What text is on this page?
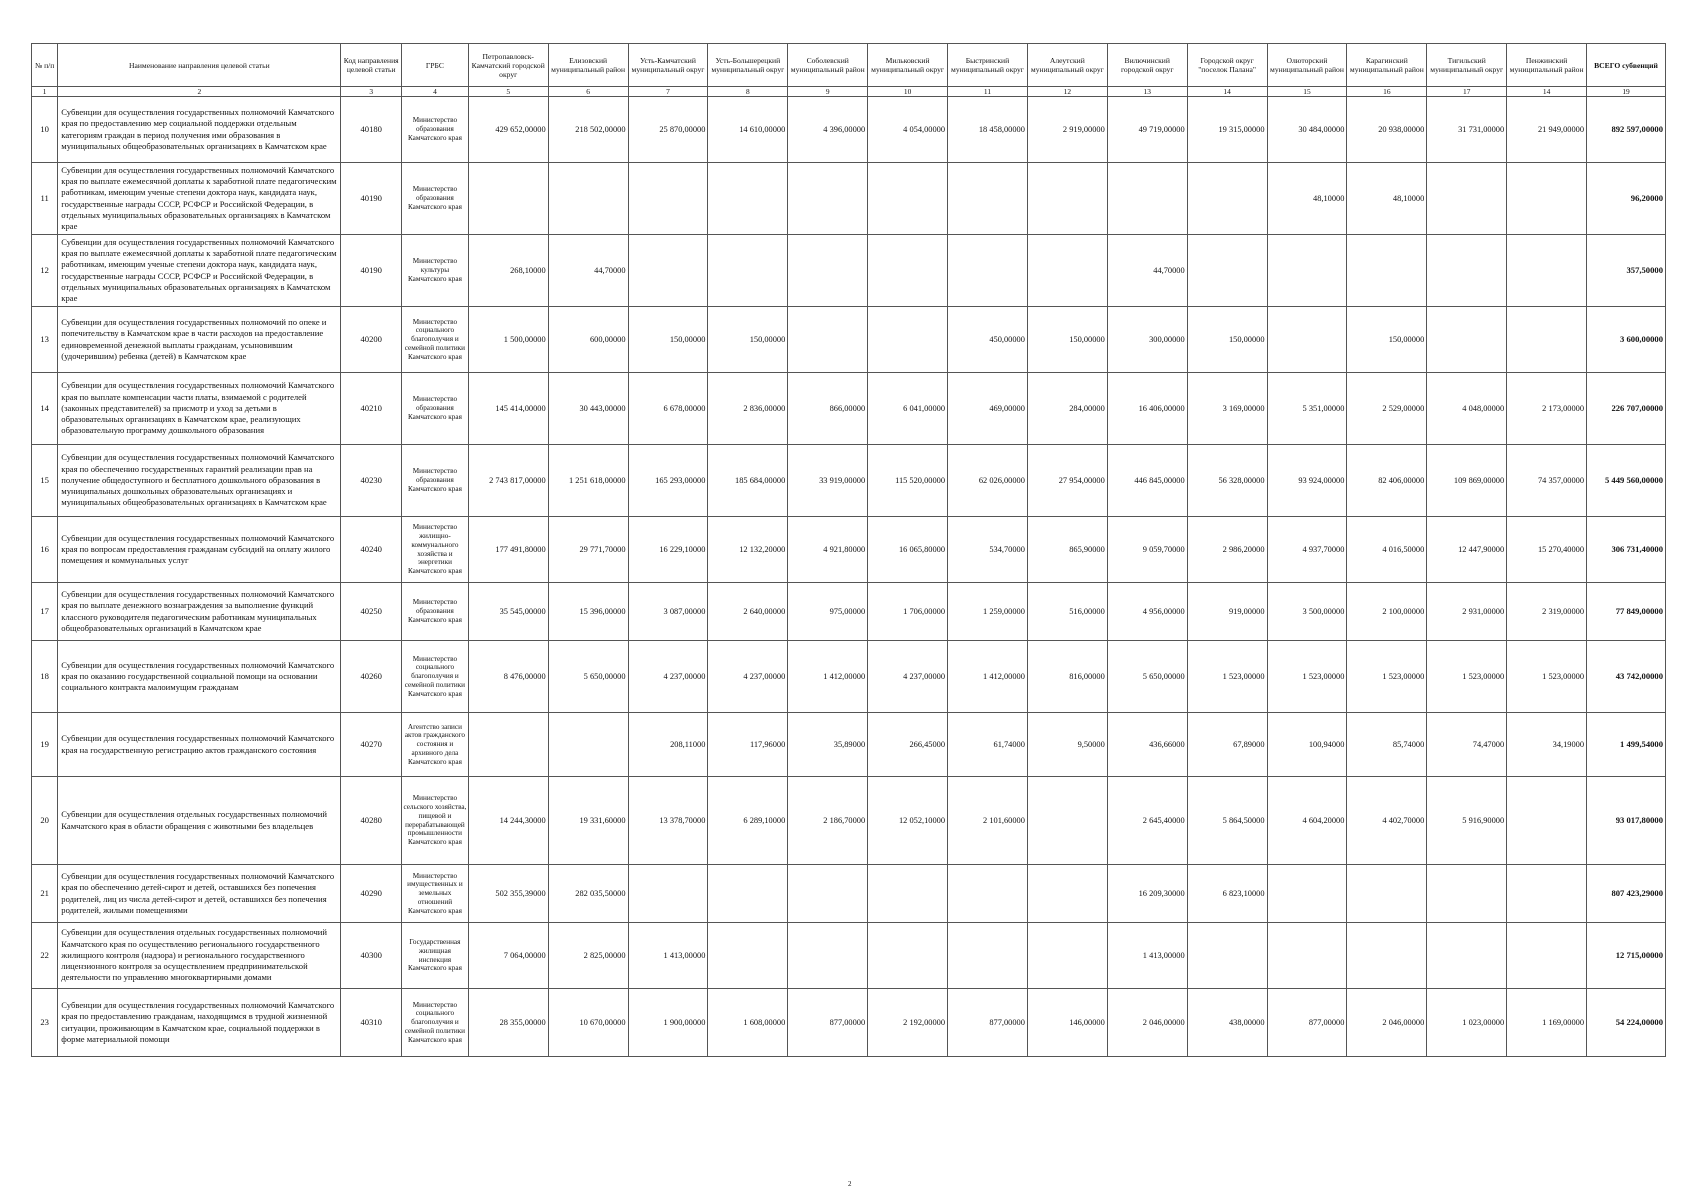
№ п/п	Наименование направления целевой статьи	Код направления целевой статьи	ГРБС	Петропавловск-Камчатский городской округ	Елизовский муниципальный район	Усть-Камчатский муниципальный округ	Усть-Большерецкий муниципальный округ	Соболевский муниципальный район	Мильковский муниципальный округ	Быстринский муниципальный округ	Алеутский муниципальный округ	Вилючинский городской округ	Городской округ "поселок Палана"	Олюторский муниципальный район	Карагинский муниципальный район	Тигильский муниципальный округ	Пенжинский муниципальный район	ВСЕГО субвенций
1	2	3	4	5	6	7	8	9	10	11	12	13	14	15	16	17	14	19
10	Субвенции для осуществления государственных полномочий Камчатского края по предоставлению мер социальной поддержки отдельным категориям граждан в период получения ими образования в муниципальных общеобразовательных организациях в Камчатском крае	40180	Министерство образования Камчатского края	429 652,00000	218 502,00000	25 870,00000	14 610,00000	4 396,00000	4 054,00000	18 458,00000	2 919,00000	49 719,00000	19 315,00000	30 484,00000	20 938,00000	31 731,00000	21 949,00000	892 597,00000
11	Субвенции для осуществления государственных полномочий Камчатского края по выплате ежемесячной доплаты к заработной плате педагогическим работникам, имеющим ученые степени доктора наук, кандидата наук, государственные награды СССР, РСФСР и Российской Федерации, в отдельных муниципальных образовательных организациях в Камчатском крае	40190	Министерство образования Камчатского края											48,10000	48,10000			96,20000
12	Субвенции для осуществления государственных полномочий Камчатского края по выплате ежемесячной доплаты к заработной плате педагогическим работникам, имеющим ученые степени доктора наук, кандидата наук, государственные награды СССР, РСФСР и Российской Федерации, в отдельных муниципальных образовательных организациях в Камчатском крае	40190	Министерство культуры Камчатского края	268,10000	44,70000							44,70000						357,50000
13	Субвенции для осуществления государственных полномочий по опеке и попечительству в Камчатском крае в части расходов на предоставление единовременной денежной выплаты гражданам, усыновившим (удочерившим) ребенка (детей) в Камчатском крае	40200	Министерство социального благополучия и семейной политики Камчатского края	1 500,00000	600,00000	150,00000	150,00000			450,00000	150,00000	300,00000	150,00000		150,00000			3 600,00000
14	Субвенции для осуществления государственных полномочий Камчатского края по выплате компенсации части платы, взимаемой с родителей (законных представителей) за присмотр и уход за детьми в образовательных организациях в Камчатском крае, реализующих образовательную программу дошкольного образования	40210	Министерство образования Камчатского края	145 414,00000	30 443,00000	6 678,00000	2 836,00000	866,00000	6 041,00000	469,00000	284,00000	16 406,00000	3 169,00000	5 351,00000	2 529,00000	4 048,00000	2 173,00000	226 707,00000
15	Субвенции для осуществления государственных полномочий Камчатского края по обеспечению государственных гарантий реализации прав на получение общедоступного и бесплатного дошкольного образования в муниципальных дошкольных образовательных организациях и муниципальных общеобразовательных организациях в Камчатском крае	40230	Министерство образования Камчатского края	2 743 817,00000	1 251 618,00000	165 293,00000	185 684,00000	33 919,00000	115 520,00000	62 026,00000	27 954,00000	446 845,00000	56 328,00000	93 924,00000	82 406,00000	109 869,00000	74 357,00000	5 449 560,00000
16	Субвенции для осуществления государственных полномочий Камчатского края по вопросам предоставления гражданам субсидий на оплату жилого помещения и коммунальных услуг	40240	Министерство жилищно-коммунального хозяйства и энергетики Камчатского края	177 491,80000	29 771,70000	16 229,10000	12 132,20000	4 921,80000	16 065,80000	534,70000	865,90000	9 059,70000	2 986,20000	4 937,70000	4 016,50000	12 447,90000	15 270,40000	306 731,40000
17	Субвенции для осуществления государственных полномочий Камчатского края по выплате денежного вознаграждения за выполнение функций классного руководителя педагогическим работникам муниципальных общеобразовательных организаций в Камчатском крае	40250	Министерство образования Камчатского края	35 545,00000	15 396,00000	3 087,00000	2 640,00000	975,00000	1 706,00000	1 259,00000	516,00000	4 956,00000	919,00000	3 500,00000	2 100,00000	2 931,00000	2 319,00000	77 849,00000
18	Субвенции для осуществления государственных полномочий Камчатского края по оказанию государственной социальной помощи на основании социального контракта малоимущим гражданам	40260	Министерство социального благополучия и семейной политики Камчатского края	8 476,00000	5 650,00000	4 237,00000	4 237,00000	1 412,00000	4 237,00000	1 412,00000	816,00000	5 650,00000	1 523,00000	1 523,00000	1 523,00000	1 523,00000	1 523,00000	43 742,00000
19	Субвенции для осуществления государственных полномочий Камчатского края на государственную регистрацию актов гражданского состояния	40270	Агентство записи актов гражданского состояния и архивного дела Камчатского края			208,11000	117,96000	35,89000	266,45000	61,74000	9,50000	436,66000	67,89000	100,94000	85,74000	74,47000	34,19000	1 499,54000
20	Субвенции для осуществления отдельных государственных полномочий Камчатского края в области обращения с животными без владельцев	40280	Министерство сельского хозяйства, пищевой и перерабатывающей промышленности Камчатского края	14 244,30000	19 331,60000	13 378,70000	6 289,10000	2 186,70000	12 052,10000	2 101,60000		2 645,40000	5 864,50000	4 604,20000	4 402,70000	5 916,90000		93 017,80000
21	Субвенции для осуществления государственных полномочий Камчатского края по обеспечению детей-сирот и детей, оставшихся без попечения родителей, лиц из числа детей-сирот и детей, оставшихся без попечения родителей, жилыми помещениями	40290	Министерство имущественных и земельных отношений Камчатского края	502 355,39000	282 035,50000							16 209,30000	6 823,10000					807 423,29000
22	Субвенции для осуществления отдельных государственных полномочий Камчатского края по осуществлению регионального государственного жилищного контроля (надзора) и регионального государственного лицензионного контроля за осуществлением предпринимательской деятельности по управлению многоквартирными домами	40300	Государственная жилищная инспекция Камчатского края	7 064,00000	2 825,00000	1 413,00000						1 413,00000						12 715,00000
23	Субвенции для осуществления государственных полномочий Камчатского края по предоставлению гражданам, находящимся в трудной жизненной ситуации, проживающим в Камчатском крае, социальной поддержки в форме материальной помощи	40310	Министерство социального благополучия и семейной политики Камчатского края	28 355,00000	10 670,00000	1 900,00000	1 608,00000	877,00000	2 192,00000	877,00000	146,00000	2 046,00000	438,00000	877,00000	2 046,00000	1 023,00000	1 169,00000	54 224,00000
2
